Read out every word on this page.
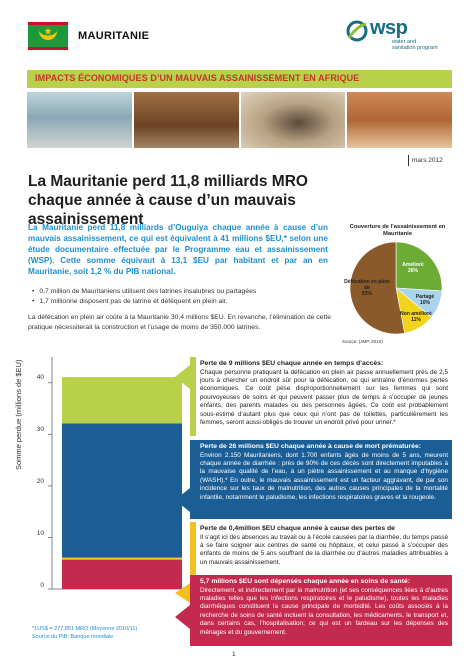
MAURITANIE	wsp
water and
sanitation program
IMPACTS ÉCONOMIQUES D’UN MAUVAIS ASSAINISSEMENT EN AFRIQUE
mars 2012
La Mauritanie perd 11,8 milliards MRO chaque année à cause d’un mauvais assainissement
La Mauritanie perd 11,8 milliards d’Ouguiya chaque année à cause d’un mauvais assainissement, ce qui est équivalent à 41 millions $EU,* selon une étude documentaire effectuée par le Programme eau et assainissement (WSP). Cette somme équivaut à 13,1 $EU par habitant et par an en Mauritanie, soit 1,2 % du PIB national.
• 0,7 million de Mauritaniens utilisent des latrines insalubres ou partagées
• 1,7 millionne disposent pas de latrine et défèquent en plein air.
La défécation en plein air coûte à la Mauritanie 30,4 millions $EU. En revanche, l’élimination de cette pratique nécessiterait la construction et l’usage de moins de 350.000 latrines.
Couverture de l’assainissement en Mauritanie
Amélioré
26%
Partagé
10%
Non amélioré
11%
Défécation en plein air
53%
Source: (JMP, 2010)
Somme perdue (millions de $EU)	40
30
20
10
0
Perte de 9 millions $EU chaque année en temps d’accès:
Chaque personne pratiquant la défécation en plein air passe annuellement près de 2,5 jours à chercher un endroit sûr pour la défécation, ce qui entraîne d’énormes pertes économiques. Ce coût pèse disproportionnellement sur les femmes qui sont pourvoyeuses de soins et qui peuvent passer plus de temps à s’occuper de jeunes enfants, des parents malades ou des personnes âgées. Ce coût est probablement sous-estimé d’autant plus que ceux qui n’ont pas de toilettes, particulièrement les femmes, seront aussi obligés de trouver un endroit privé pour uriner.*
Perte de 26 millions $EU chaque année à cause de mort prématurée:
Environ 2.150 Mauritaniens, dont 1.700 enfants âgés de moins de 5 ans, meurent chaque année de diarrhée : près de 90% de ces décès sont directement imputables à la mauvaise qualité de l’eau, à un piètre assainissement et au manque d’hygiène (WASH).* En outre, le mauvais assainissement est un facteur aggravant, de par son incidence sur les taux de malnutrition, des autres causes principales de la mortalité infantile, notamment le paludisme, les infections respiratoires graves et la rougeole.
Perte de 0,4million $EU chaque année à cause des pertes de
Il s’agit ici des absences au travail ou à l’école causées par la diarrhée, du temps passé à se faire soigner aux centres de santé ou hôpitaux, et celui passé à s’occuper des enfants de moins de 5 ans souffrant de la diarrhée ou d’autres maladies attribuables à un mauvais assainissement.
5,7 millions $EU sont dépensés chaque année en soins de santé:
Directement, et indirectement par la malnutrition (et ses conséquences liées à d’autres maladies telles que les infections respiratoires et le paludisme), toutes les maladies diarrhéiques constituent la cause principale de morbidité. Les coûts associés à la recherche de soins de santé incluent la consultation, les médicaments, le transport et, dans certains cas, l’hospitalisation; ce qui est un fardeau sur les dépenses des ménages et du gouvernement.
*1US$ = 277,851 MRO (Moyenne 2010/11)
Source du PIB: Banque mondiale
1
